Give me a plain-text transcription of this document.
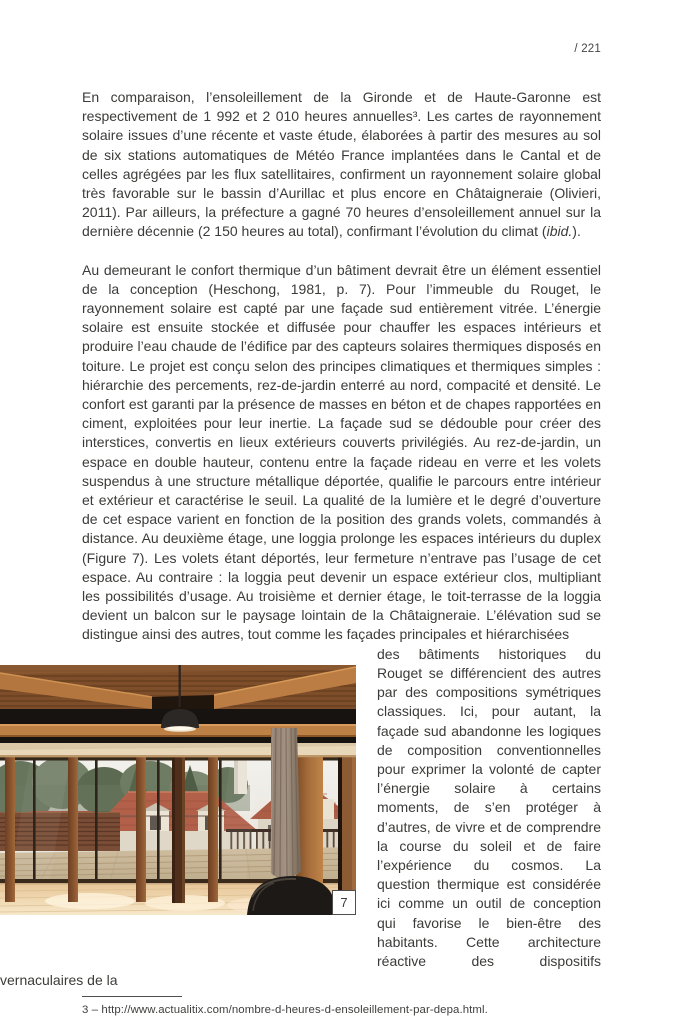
/ 221

En comparaison, l’ensoleillement de la Gironde et de Haute-Garonne est respectivement de 1 992 et 2 010 heures annuelles³. Les cartes de rayonnement solaire issues d’une récente et vaste étude, élaborées à partir des mesures au sol de six stations automatiques de Météo France implantées dans le Cantal et de celles agrégées par les flux satellitaires, confirment un rayonnement solaire global très favorable sur le bassin d’Aurillac et plus encore en Châtaigneraie (Olivieri, 2011). Par ailleurs, la préfecture a gagné 70 heures d’ensoleillement annuel sur la dernière décennie (2 150 heures au total), confirmant l’évolution du climat (ibid.).

Au demeurant le confort thermique d’un bâtiment devrait être un élément essentiel de la conception (Heschong, 1981, p. 7). Pour l’immeuble du Rouget, le rayonnement solaire est capté par une façade sud entièrement vitrée. L’énergie solaire est ensuite stockée et diffusée pour chauffer les espaces intérieurs et produire l’eau chaude de l’édifice par des capteurs solaires thermiques disposés en toiture. Le projet est conçu selon des principes climatiques et thermiques simples : hiérarchie des percements, rez-de-jardin enterré au nord, compacité et densité. Le confort est garanti par la présence de masses en béton et de chapes rapportées en ciment, exploitées pour leur inertie. La façade sud se dédouble pour créer des interstices, convertis en lieux extérieurs couverts privilégiés. Au rez-de-jardin, un espace en double hauteur, contenu entre la façade rideau en verre et les volets suspendus à une structure métallique déportée, qualifie le parcours entre intérieur et extérieur et caractérise le seuil. La qualité de la lumière et le degré d’ouverture de cet espace varient en fonction de la position des grands volets, commandés à distance. Au deuxième étage, une loggia prolonge les espaces intérieurs du duplex (Figure 7). Les volets étant déportés, leur fermeture n’entrave pas l’usage de cet espace. Au contraire : la loggia peut devenir un espace extérieur clos, multipliant les possibilités d’usage. Au troisième et dernier étage, le toit-terrasse de la loggia devient un balcon sur le paysage lointain de la Châtaigneraie. L’élévation sud se distingue ainsi des autres, tout comme les façades principales et hiérarchisées

7
des bâtiments historiques du Rouget se différencient des autres par des compositions symétriques classiques. Ici, pour autant, la façade sud abandonne les logiques de composition conventionnelles pour exprimer la volonté de capter l’énergie solaire à certains moments, de s’en protéger à d’autres, de vivre et de comprendre la course du soleil et de faire l’expérience du cosmos. La question thermique est considérée ici comme un outil de conception qui favorise le bien-être des habitants. Cette architecture réactive des dispositifs vernaculaires de la
3 – http://www.actualitix.com/nombre-d-heures-d-ensoleillement-par-depa.html.
